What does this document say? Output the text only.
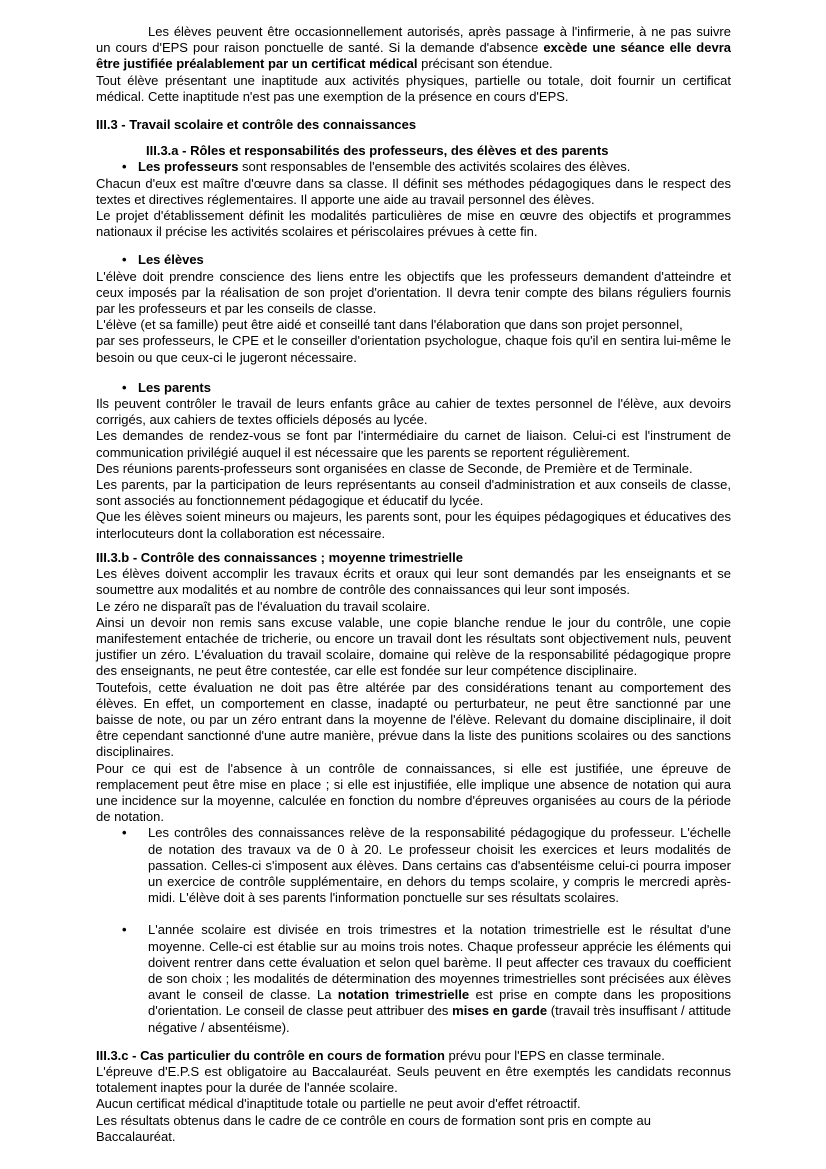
Les élèves peuvent être occasionnellement autorisés, après passage à l'infirmerie, à ne pas suivre un cours d'EPS pour raison ponctuelle de santé. Si la demande d'absence excède une séance elle devra être justifiée préalablement par un certificat médical précisant son étendue.

Tout élève présentant une inaptitude aux activités physiques, partielle ou totale, doit fournir un certificat médical. Cette inaptitude n'est pas une exemption de la présence en cours d'EPS.

III.3 - Travail scolaire et contrôle des connaissances

III.3.a - Rôles et responsabilités des professeurs, des élèves et des parents

• Les professeurs sont responsables de l'ensemble des activités scolaires des élèves.

Chacun d'eux est maître d'œuvre dans sa classe. Il définit ses méthodes pédagogiques dans le respect des textes et directives réglementaires. Il apporte une aide au travail personnel des élèves.

Le projet d'établissement définit les modalités particulières de mise en œuvre des objectifs et programmes nationaux il précise les activités scolaires et périscolaires prévues à cette fin.

• Les élèves

L'élève doit prendre conscience des liens entre les objectifs que les professeurs demandent d'atteindre et ceux imposés par la réalisation de son projet d'orientation. Il devra tenir compte des bilans réguliers fournis par les professeurs et par les conseils de classe.

L'élève (et sa famille) peut être aidé et conseillé tant dans l'élaboration que dans son projet personnel,

par ses professeurs, le CPE et le conseiller d'orientation psychologue, chaque fois qu'il en sentira lui-même le besoin ou que ceux-ci le jugeront nécessaire.

• Les parents

Ils peuvent contrôler le travail de leurs enfants grâce au cahier de textes personnel de l'élève, aux devoirs corrigés, aux cahiers de textes officiels déposés au lycée.

Les demandes de rendez-vous se font par l'intermédiaire du carnet de liaison. Celui-ci est l'instrument de communication privilégié auquel il est nécessaire que les parents se reportent régulièrement.

Des réunions parents-professeurs sont organisées en classe de Seconde, de Première et de Terminale.

Les parents, par la participation de leurs représentants au conseil d'administration et aux conseils de classe, sont associés au fonctionnement pédagogique et éducatif du lycée.

Que les élèves soient mineurs ou majeurs, les parents sont, pour les équipes pédagogiques et éducatives des interlocuteurs dont la collaboration est nécessaire.

III.3.b - Contrôle des connaissances ; moyenne trimestrielle

Les élèves doivent accomplir les travaux écrits et oraux qui leur sont demandés par les enseignants et se soumettre aux modalités et au nombre de contrôle des connaissances qui leur sont imposés.

Le zéro ne disparaît pas de l'évaluation du travail scolaire.

Ainsi un devoir non remis sans excuse valable, une copie blanche rendue le jour du contrôle, une copie manifestement entachée de tricherie, ou encore un travail dont les résultats sont objectivement nuls, peuvent justifier un zéro. L'évaluation du travail scolaire, domaine qui relève de la responsabilité pédagogique propre des enseignants, ne peut être contestée, car elle est fondée sur leur compétence disciplinaire.

Toutefois, cette évaluation ne doit pas être altérée par des considérations tenant au comportement des élèves. En effet, un comportement en classe, inadapté ou perturbateur, ne peut être sanctionné par une baisse de note, ou par un zéro entrant dans la moyenne de l'élève. Relevant du domaine disciplinaire, il doit être cependant sanctionné d'une autre manière, prévue dans la liste des punitions scolaires ou des sanctions disciplinaires.

Pour ce qui est de l'absence à un contrôle de connaissances, si elle est justifiée, une épreuve de remplacement peut être mise en place ; si elle est injustifiée, elle implique une absence de notation qui aura une incidence sur la moyenne, calculée en fonction du nombre d'épreuves organisées au cours de la période de notation.

• Les contrôles des connaissances relève de la responsabilité pédagogique du professeur. L'échelle de notation des travaux va de 0 à 20. Le professeur choisit les exercices et leurs modalités de passation. Celles-ci s'imposent aux élèves. Dans certains cas d'absentéisme celui-ci pourra imposer un exercice de contrôle supplémentaire, en dehors du temps scolaire, y compris le mercredi après-midi. L'élève doit à ses parents l'information ponctuelle sur ses résultats scolaires.

• L'année scolaire est divisée en trois trimestres et la notation trimestrielle est le résultat d'une moyenne. Celle-ci est établie sur au moins trois notes. Chaque professeur apprécie les éléments qui doivent rentrer dans cette évaluation et selon quel barème. Il peut affecter ces travaux du coefficient de son choix ; les modalités de détermination des moyennes trimestrielles sont précisées aux élèves avant le conseil de classe. La notation trimestrielle est prise en compte dans les propositions d'orientation. Le conseil de classe peut attribuer des mises en garde (travail très insuffisant / attitude négative / absentéisme).

III.3.c - Cas particulier du contrôle en cours de formation prévu pour l'EPS en classe terminale.

L'épreuve d'E.P.S est obligatoire au Baccalauréat. Seuls peuvent en être exemptés les candidats reconnus totalement inaptes pour la durée de l'année scolaire.

Aucun certificat médical d'inaptitude totale ou partielle ne peut avoir d'effet rétroactif.

Les résultats obtenus dans le cadre de ce contrôle en cours de formation sont pris en compte au Baccalauréat.
